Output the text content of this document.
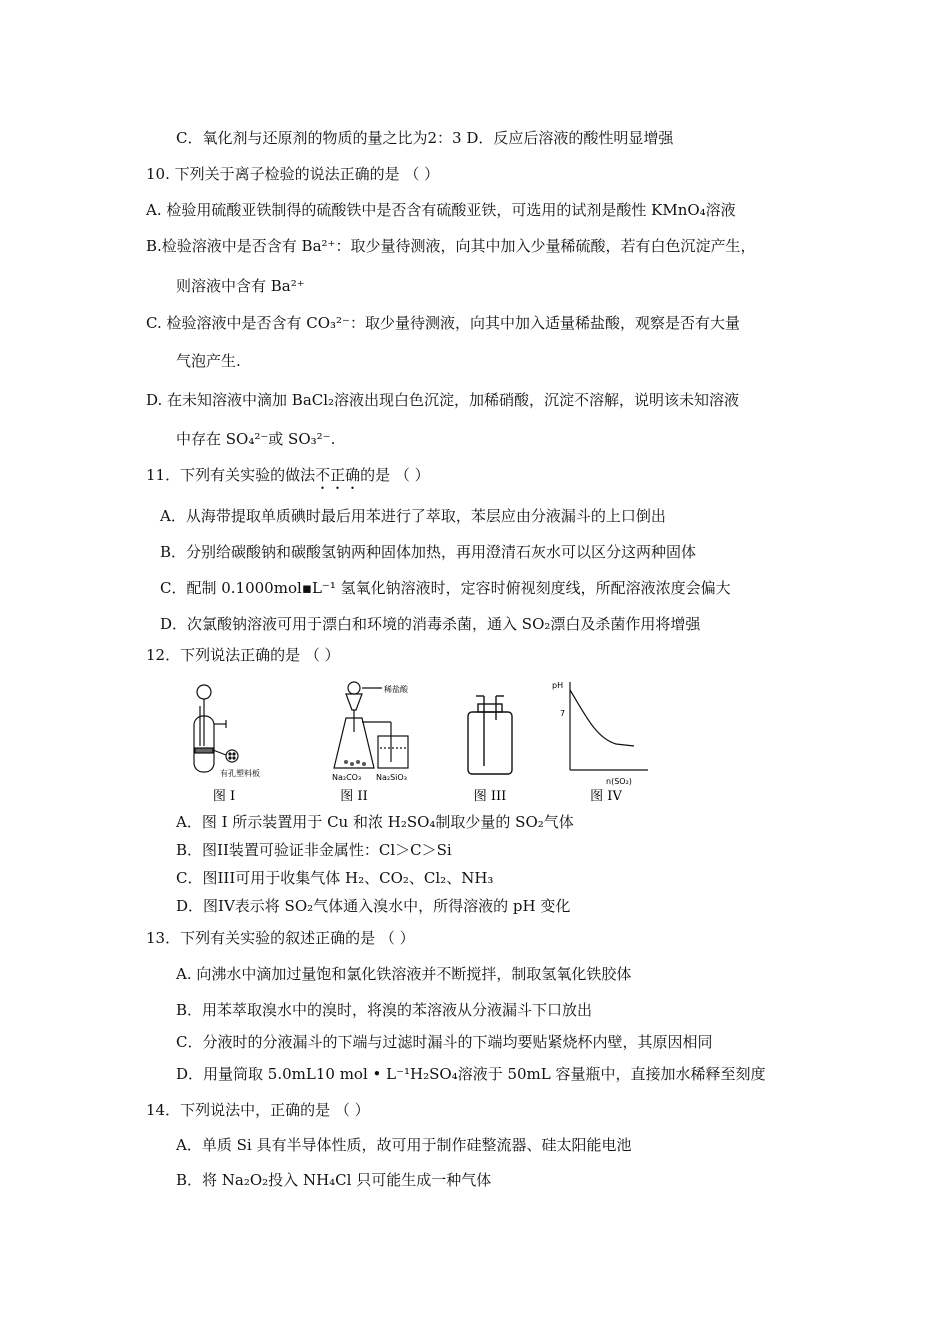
C．氧化剂与还原剂的物质的量之比为2：3 D．反应后溶液的酸性明显增强
10. 下列关于离子检验的说法正确的是 （ ）
A. 检验用硫酸亚铁制得的硫酸铁中是否含有硫酸亚铁，可选用的试剂是酸性 KMnO₄溶液
B.检验溶液中是否含有 Ba²⁺：取少量待测液，向其中加入少量稀硫酸，若有白色沉淀产生，
则溶液中含有 Ba²⁺
C. 检验溶液中是否含有 CO₃²⁻：取少量待测液，向其中加入适量稀盐酸，观察是否有大量
气泡产生.
D. 在未知溶液中滴加 BaCl₂溶液出现白色沉淀，加稀硝酸，沉淀不溶解，说明该未知溶液
中存在 SO₄²⁻或 SO₃²⁻.
11．下列有关实验的做法不正确的是 （ ）
A．从海带提取单质碘时最后用苯进行了萃取，苯层应由分液漏斗的上口倒出
B．分别给碳酸钠和碳酸氢钠两种固体加热，再用澄清石灰水可以区分这两种固体
C．配制 0.1000mol▪L⁻¹ 氢氧化钠溶液时，定容时俯视刻度线，所配溶液浓度会偏大
D．次氯酸钠溶液可用于漂白和环境的消毒杀菌，通入 SO₂漂白及杀菌作用将增强
12．下列说法正确的是 （ ）
有孔塑料板
图 I
稀盐酸
Na₂CO₃ Na₂SiO₃
图 II	图 III
pH
7
n(SO₂)
图 IV
A．图 I 所示装置用于 Cu 和浓 H₂SO₄制取少量的 SO₂气体
B．图II装置可验证非金属性：Cl＞C＞Si
C．图III可用于收集气体 H₂、CO₂、Cl₂、NH₃
D．图IV表示将 SO₂气体通入溴水中，所得溶液的 pH 变化
13．下列有关实验的叙述正确的是 （ ）
A. 向沸水中滴加过量饱和氯化铁溶液并不断搅拌，制取氢氧化铁胶体
B．用苯萃取溴水中的溴时，将溴的苯溶液从分液漏斗下口放出
C．分液时的分液漏斗的下端与过滤时漏斗的下端均要贴紧烧杯内壁，其原因相同
D．用量筒取 5.0mL10 mol • L⁻¹H₂SO₄溶液于 50mL 容量瓶中，直接加水稀释至刻度
14．下列说法中，正确的是 （ ）
A．单质 Si 具有半导体性质，故可用于制作硅整流器、硅太阳能电池
B．将 Na₂O₂投入 NH₄Cl 只可能生成一种气体
